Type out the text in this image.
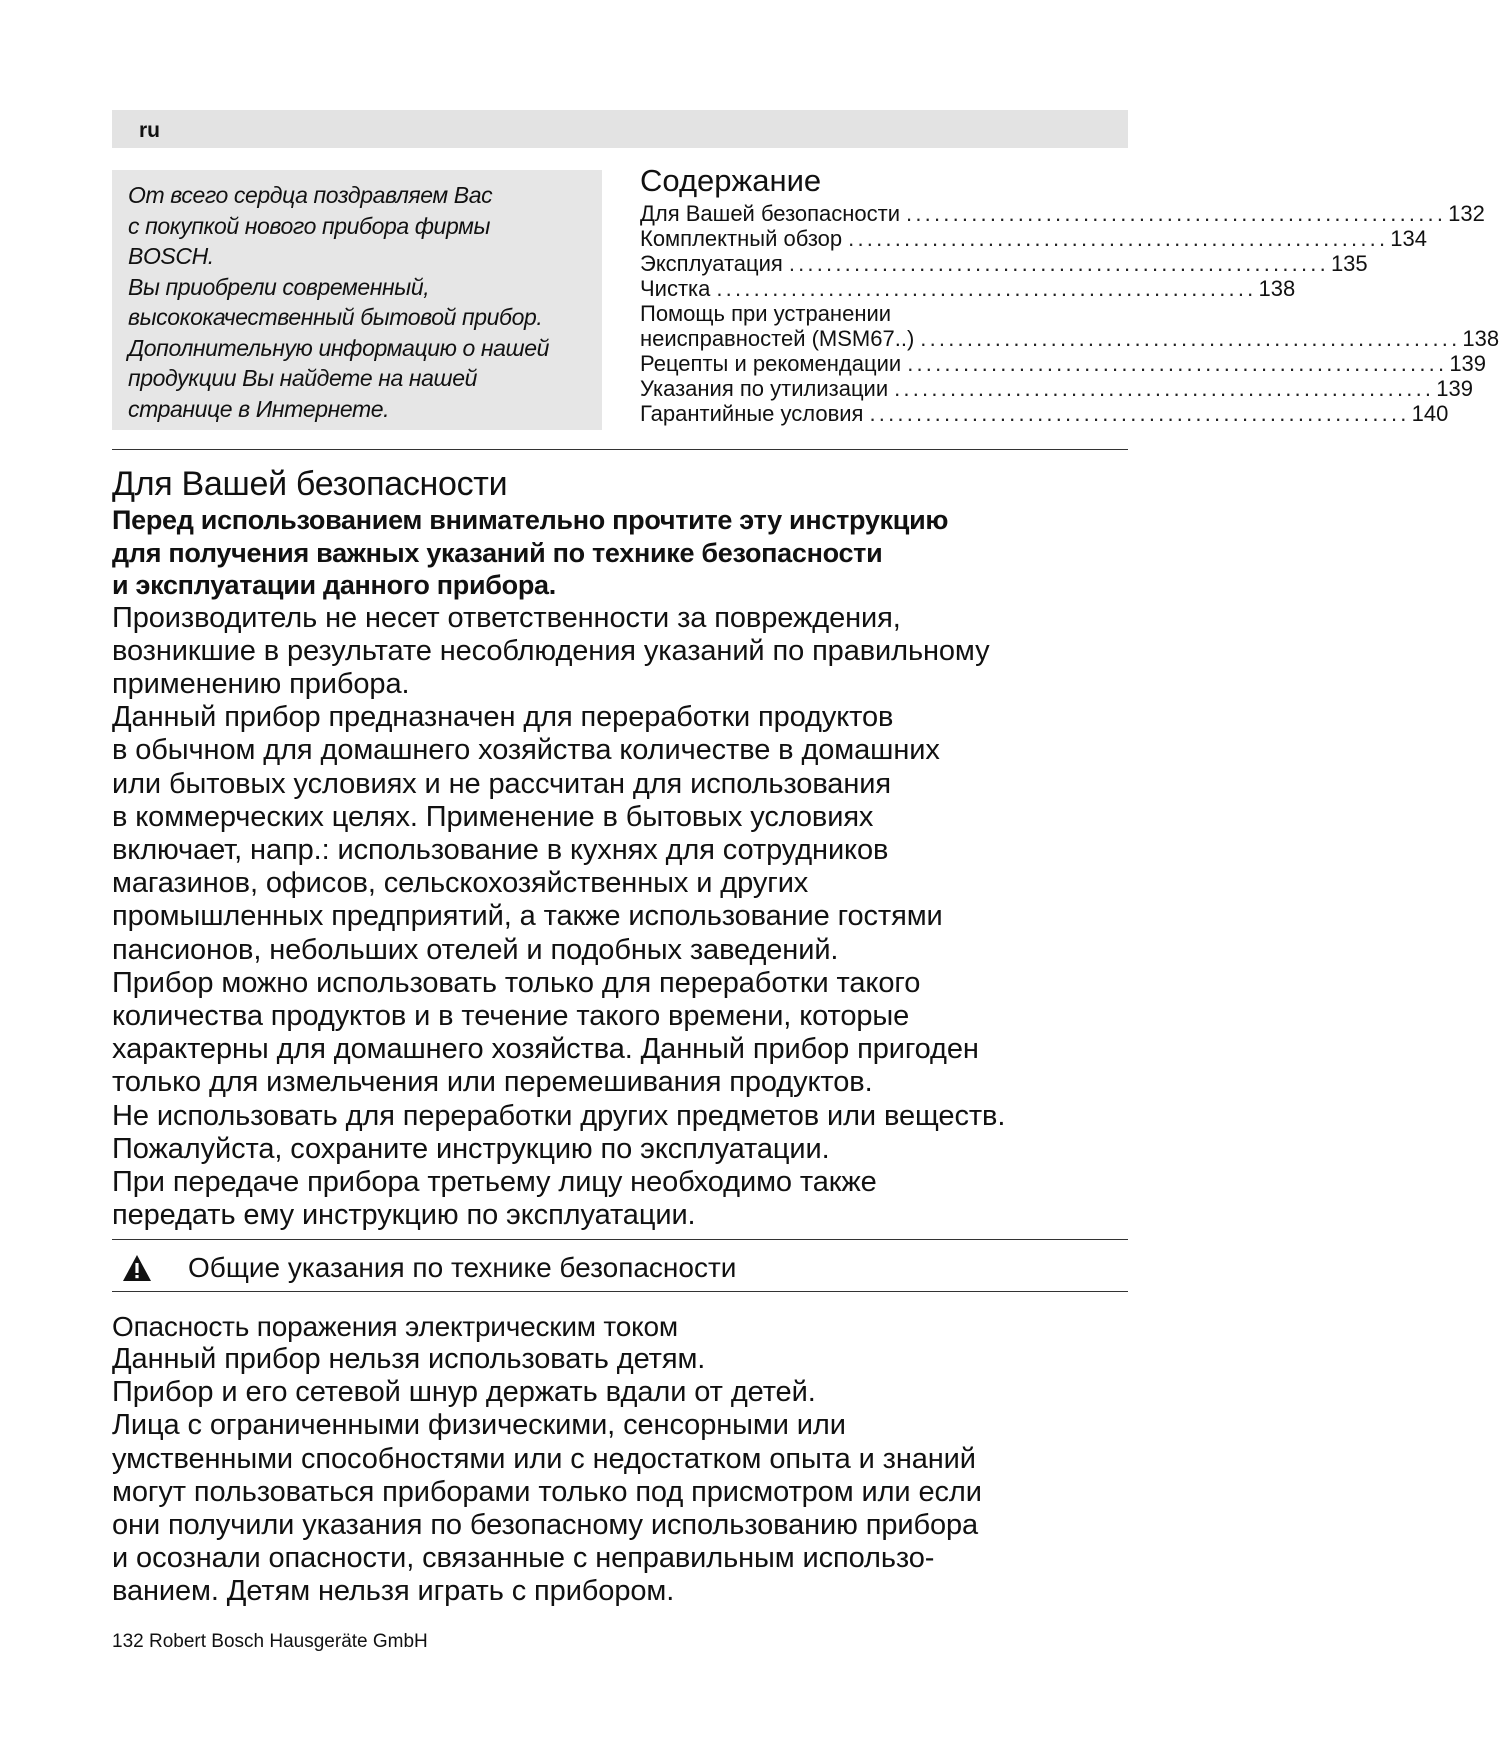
ru
От всего сердца поздравляем Вас
с покупкой нового прибора фирмы
BOSCH.
Вы приобрели современный,
высококачественный бытовой прибор.
Дополнительную информацию о нашей
продукции Вы найдете на нашей
странице в Интернете.
Содержание
Для Вашей безопасности .......................................................... 132
Комплектный обзор .......................................................... 134
Эксплуатация .......................................................... 135
Чистка .......................................................... 138
Помощь при устранении
неисправностей (MSM67..) .......................................................... 138
Рецепты и рекомендации .......................................................... 139
Указания по утилизации .......................................................... 139
Гарантийные условия .......................................................... 140
Для Вашей безопасности
Перед использованием внимательно прочтите эту инструкцию
для получения важных указаний по технике безопасности
и эксплуатации данного прибора.
Производитель не несет ответственности за повреждения,
возникшие в результате несоблюдения указаний по правильному
применению прибора.
Данный прибор предназначен для переработки продуктов
в обычном для домашнего хозяйства количестве в домашних
или бытовых условиях и не рассчитан для использования
в коммерческих целях. Применение в бытовых условиях
включает, напр.: использование в кухнях для сотрудников
магазинов, офисов, сельскохозяйственных и других
промышленных предприятий, а также использование гостями
пансионов, небольших отелей и подобных заведений.
Прибор можно использовать только для переработки такого
количества продуктов и в течение такого времени, которые
характерны для домашнего хозяйства. Данный прибор пригоден
только для измельчения или перемешивания продуктов.
Не использовать для переработки других предметов или веществ.
Пожалуйста, сохраните инструкцию по эксплуатации.
При передаче прибора третьему лицу необходимо также
передать ему инструкцию по эксплуатации.
Общие указания по технике безопасности
Опасность поражения электрическим током
Данный прибор нельзя использовать детям.
Прибор и его сетевой шнур держать вдали от детей.
Лица с ограниченными физическими, сенсорными или
умственными способностями или с недостатком опыта и знаний
могут пользоваться приборами только под присмотром или если
они получили указания по безопасному использованию прибора
и осознали опасности, связанные с неправильным использо-
ванием. Детям нельзя играть с прибором.
132 Robert Bosch Hausgeräte GmbH
